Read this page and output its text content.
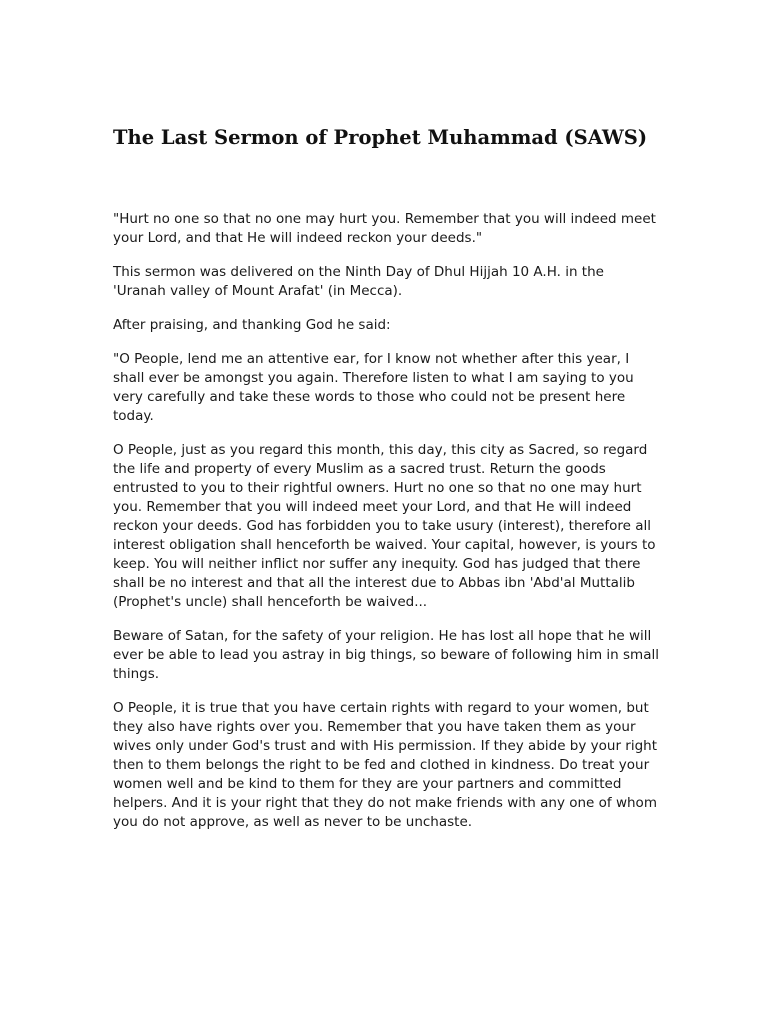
The Last Sermon of Prophet Muhammad (SAWS)

"Hurt no one so that no one may hurt you. Remember that you will indeed meet your Lord, and that He will indeed reckon your deeds."

This sermon was delivered on the Ninth Day of Dhul Hijjah 10 A.H. in the 'Uranah valley of Mount Arafat' (in Mecca).

After praising, and thanking God he said:

"O People, lend me an attentive ear, for I know not whether after this year, I shall ever be amongst you again. Therefore listen to what I am saying to you very carefully and take these words to those who could not be present here today.

O People, just as you regard this month, this day, this city as Sacred, so regard the life and property of every Muslim as a sacred trust. Return the goods entrusted to you to their rightful owners. Hurt no one so that no one may hurt you. Remember that you will indeed meet your Lord, and that He will indeed reckon your deeds. God has forbidden you to take usury (interest), therefore all interest obligation shall henceforth be waived. Your capital, however, is yours to keep. You will neither inflict nor suffer any inequity. God has judged that there shall be no interest and that all the interest due to Abbas ibn 'Abd'al Muttalib (Prophet's uncle) shall henceforth be waived...

Beware of Satan, for the safety of your religion. He has lost all hope that he will ever be able to lead you astray in big things, so beware of following him in small things.

O People, it is true that you have certain rights with regard to your women, but they also have rights over you. Remember that you have taken them as your wives only under God's trust and with His permission. If they abide by your right then to them belongs the right to be fed and clothed in kindness. Do treat your women well and be kind to them for they are your partners and committed helpers. And it is your right that they do not make friends with any one of whom you do not approve, as well as never to be unchaste.
